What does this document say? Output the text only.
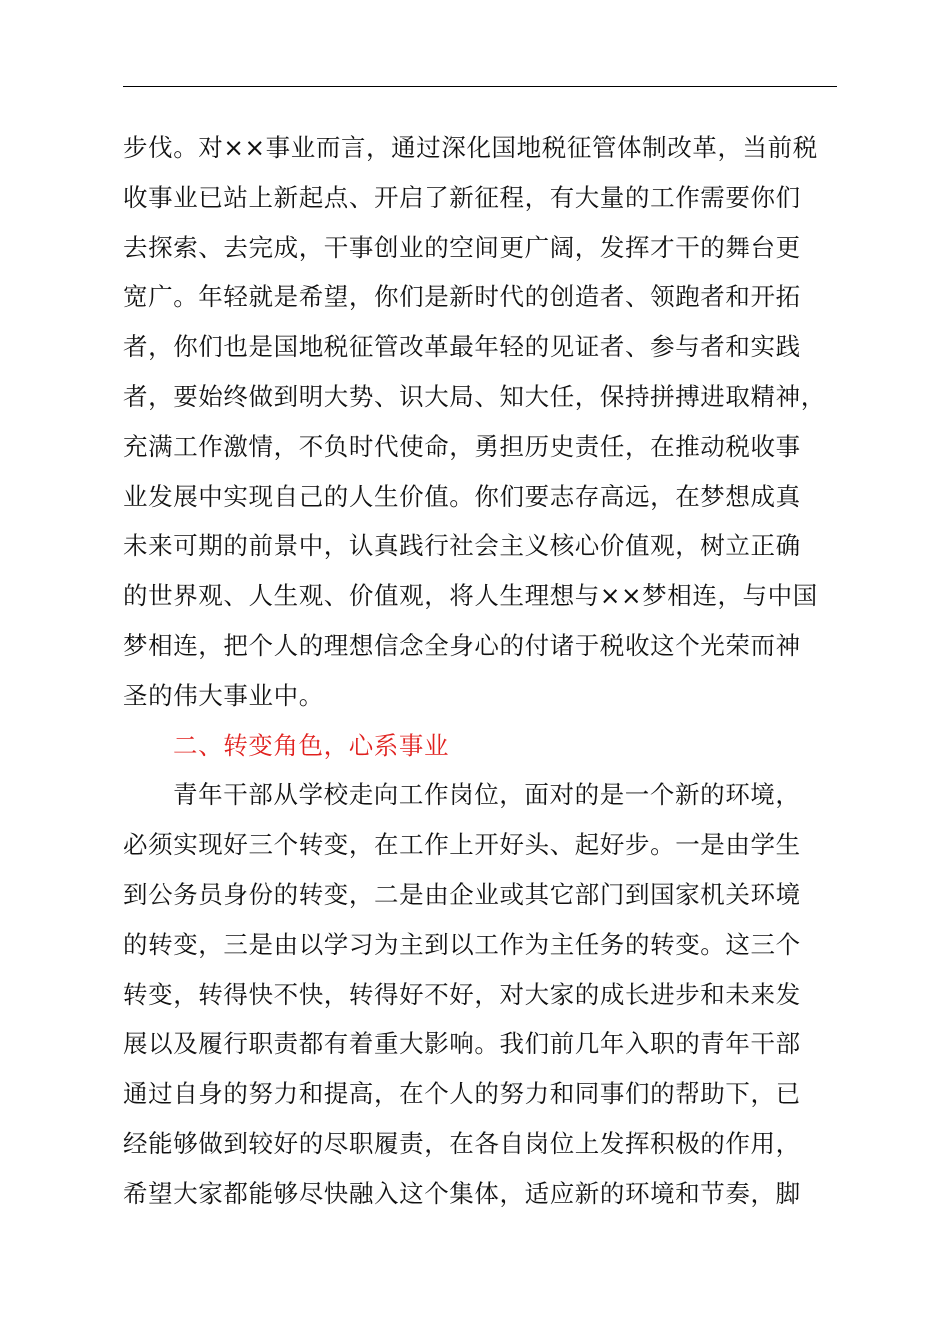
步伐。对××事业而言，通过深化国地税征管体制改革，当前税
收事业已站上新起点、开启了新征程，有大量的工作需要你们
去探索、去完成，干事创业的空间更广阔，发挥才干的舞台更
宽广。年轻就是希望，你们是新时代的创造者、领跑者和开拓
者，你们也是国地税征管改革最年轻的见证者、参与者和实践
者，要始终做到明大势、识大局、知大任，保持拼搏进取精神，
充满工作激情，不负时代使命，勇担历史责任，在推动税收事
业发展中实现自己的人生价值。你们要志存高远，在梦想成真
未来可期的前景中，认真践行社会主义核心价值观，树立正确
的世界观、人生观、价值观，将人生理想与××梦相连，与中国
梦相连，把个人的理想信念全身心的付诸于税收这个光荣而神
圣的伟大事业中。
二、转变角色，心系事业
青年干部从学校走向工作岗位，面对的是一个新的环境，
必须实现好三个转变，在工作上开好头、起好步。一是由学生
到公务员身份的转变，二是由企业或其它部门到国家机关环境
的转变，三是由以学习为主到以工作为主任务的转变。这三个
转变，转得快不快，转得好不好，对大家的成长进步和未来发
展以及履行职责都有着重大影响。我们前几年入职的青年干部
通过自身的努力和提高，在个人的努力和同事们的帮助下，已
经能够做到较好的尽职履责，在各自岗位上发挥积极的作用，
希望大家都能够尽快融入这个集体，适应新的环境和节奏，脚
